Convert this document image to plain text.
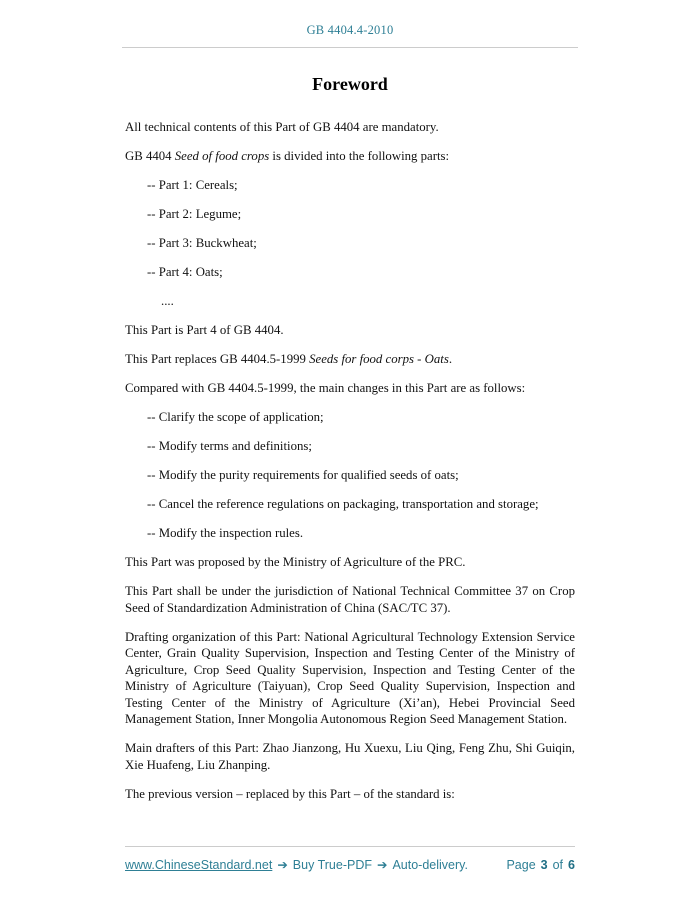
GB 4404.4-2010
Foreword

All technical contents of this Part of GB 4404 are mandatory.

GB 4404 Seed of food crops is divided into the following parts:

-- Part 1: Cereals;

-- Part 2: Legume;

-- Part 3: Buckwheat;

-- Part 4: Oats;

....

This Part is Part 4 of GB 4404.

This Part replaces GB 4404.5-1999 Seeds for food corps - Oats.

Compared with GB 4404.5-1999, the main changes in this Part are as follows:

-- Clarify the scope of application;

-- Modify terms and definitions;

-- Modify the purity requirements for qualified seeds of oats;

-- Cancel the reference regulations on packaging, transportation and storage;

-- Modify the inspection rules.

This Part was proposed by the Ministry of Agriculture of the PRC.

This Part shall be under the jurisdiction of National Technical Committee 37 on Crop Seed of Standardization Administration of China (SAC/TC 37).

Drafting organization of this Part: National Agricultural Technology Extension Service Center, Grain Quality Supervision, Inspection and Testing Center of the Ministry of Agriculture, Crop Seed Quality Supervision, Inspection and Testing Center of the Ministry of Agriculture (Taiyuan), Crop Seed Quality Supervision, Inspection and Testing Center of the Ministry of Agriculture (Xi’an), Hebei Provincial Seed Management Station, Inner Mongolia Autonomous Region Seed Management Station.

Main drafters of this Part: Zhao Jianzong, Hu Xuexu, Liu Qing, Feng Zhu, Shi Guiqin, Xie Huafeng, Liu Zhanping.

The previous version – replaced by this Part – of the standard is:

www.ChineseStandard.net ➔ Buy True-PDF ➔ Auto-delivery.	Page 3 of 6
